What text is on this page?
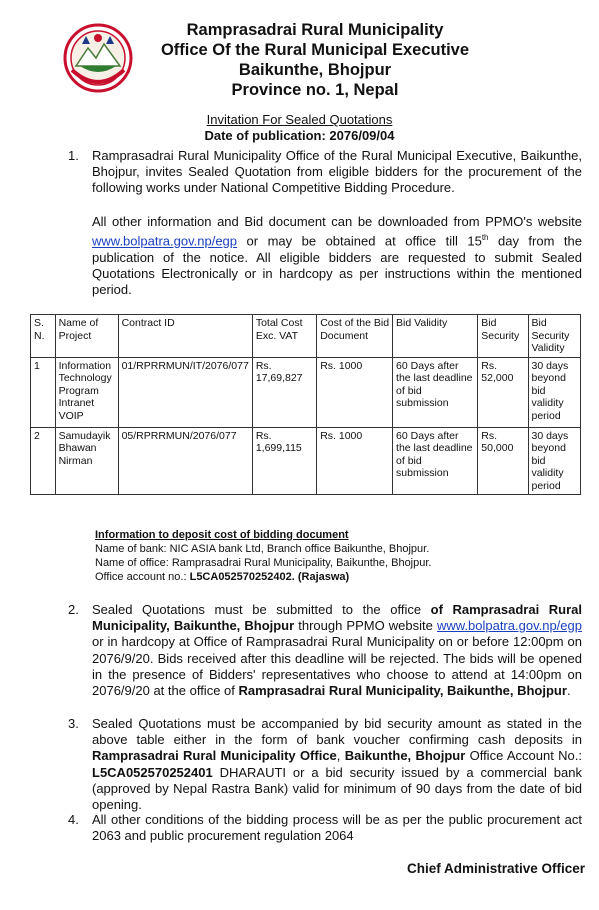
Ramprasadrai Rural Municipality
Office Of the Rural Municipal Executive
Baikunthe, Bhojpur
Province no. 1, Nepal
Invitation For Sealed Quotations
Date of publication: 2076/09/04
1. Ramprasadrai Rural Municipality Office of the Rural Municipal Executive, Baikunthe, Bhojpur, invites Sealed Quotation from eligible bidders for the procurement of the following works under National Competitive Bidding Procedure.
All other information and Bid document can be downloaded from PPMO's website www.bolpatra.gov.np/egp or may be obtained at office till 15th day from the publication of the notice. All eligible bidders are requested to submit Sealed Quotations Electronically or in hardcopy as per instructions within the mentioned period.
S. N.	Name of Project	Contract ID	Total Cost Exc. VAT	Cost of the Bid Document	Bid Validity	Bid Security	Bid Security Validity
1	Information Technology Program Intranet VOIP	01/RPRRMUN/IT/2076/077	Rs. 17,69,827	Rs. 1000	60 Days after the last deadline of bid submission	Rs. 52,000	30 days beyond bid validity period
2	Samudayik Bhawan Nirman	05/RPRRMUN/2076/077	Rs. 1,699,115	Rs. 1000	60 Days after the last deadline of bid submission	Rs. 50,000	30 days beyond bid validity period
Information to deposit cost of bidding document
Name of bank: NIC ASIA bank Ltd, Branch office Baikunthe, Bhojpur.
Name of office: Ramprasadrai Rural Municipality, Baikunthe, Bhojpur.
Office account no.: L5CA052570252402. (Rajaswa)
2. Sealed Quotations must be submitted to the office of Ramprasadrai Rural Municipality, Baikunthe, Bhojpur through PPMO website www.bolpatra.gov.np/egp or in hardcopy at Office of Ramprasadrai Rural Municipality on or before 12:00pm on 2076/9/20. Bids received after this deadline will be rejected. The bids will be opened in the presence of Bidders' representatives who choose to attend at 14:00pm on 2076/9/20 at the office of Ramprasadrai Rural Municipality, Baikunthe, Bhojpur.
3. Sealed Quotations must be accompanied by bid security amount as stated in the above table either in the form of bank voucher confirming cash deposits in Ramprasadrai Rural Municipality Office, Baikunthe, Bhojpur Office Account No.: L5CA052570252401 DHARAUTI or a bid security issued by a commercial bank (approved by Nepal Rastra Bank) valid for minimum of 90 days from the date of bid opening.
4. All other conditions of the bidding process will be as per the public procurement act 2063 and public procurement regulation 2064
Chief Administrative Officer
